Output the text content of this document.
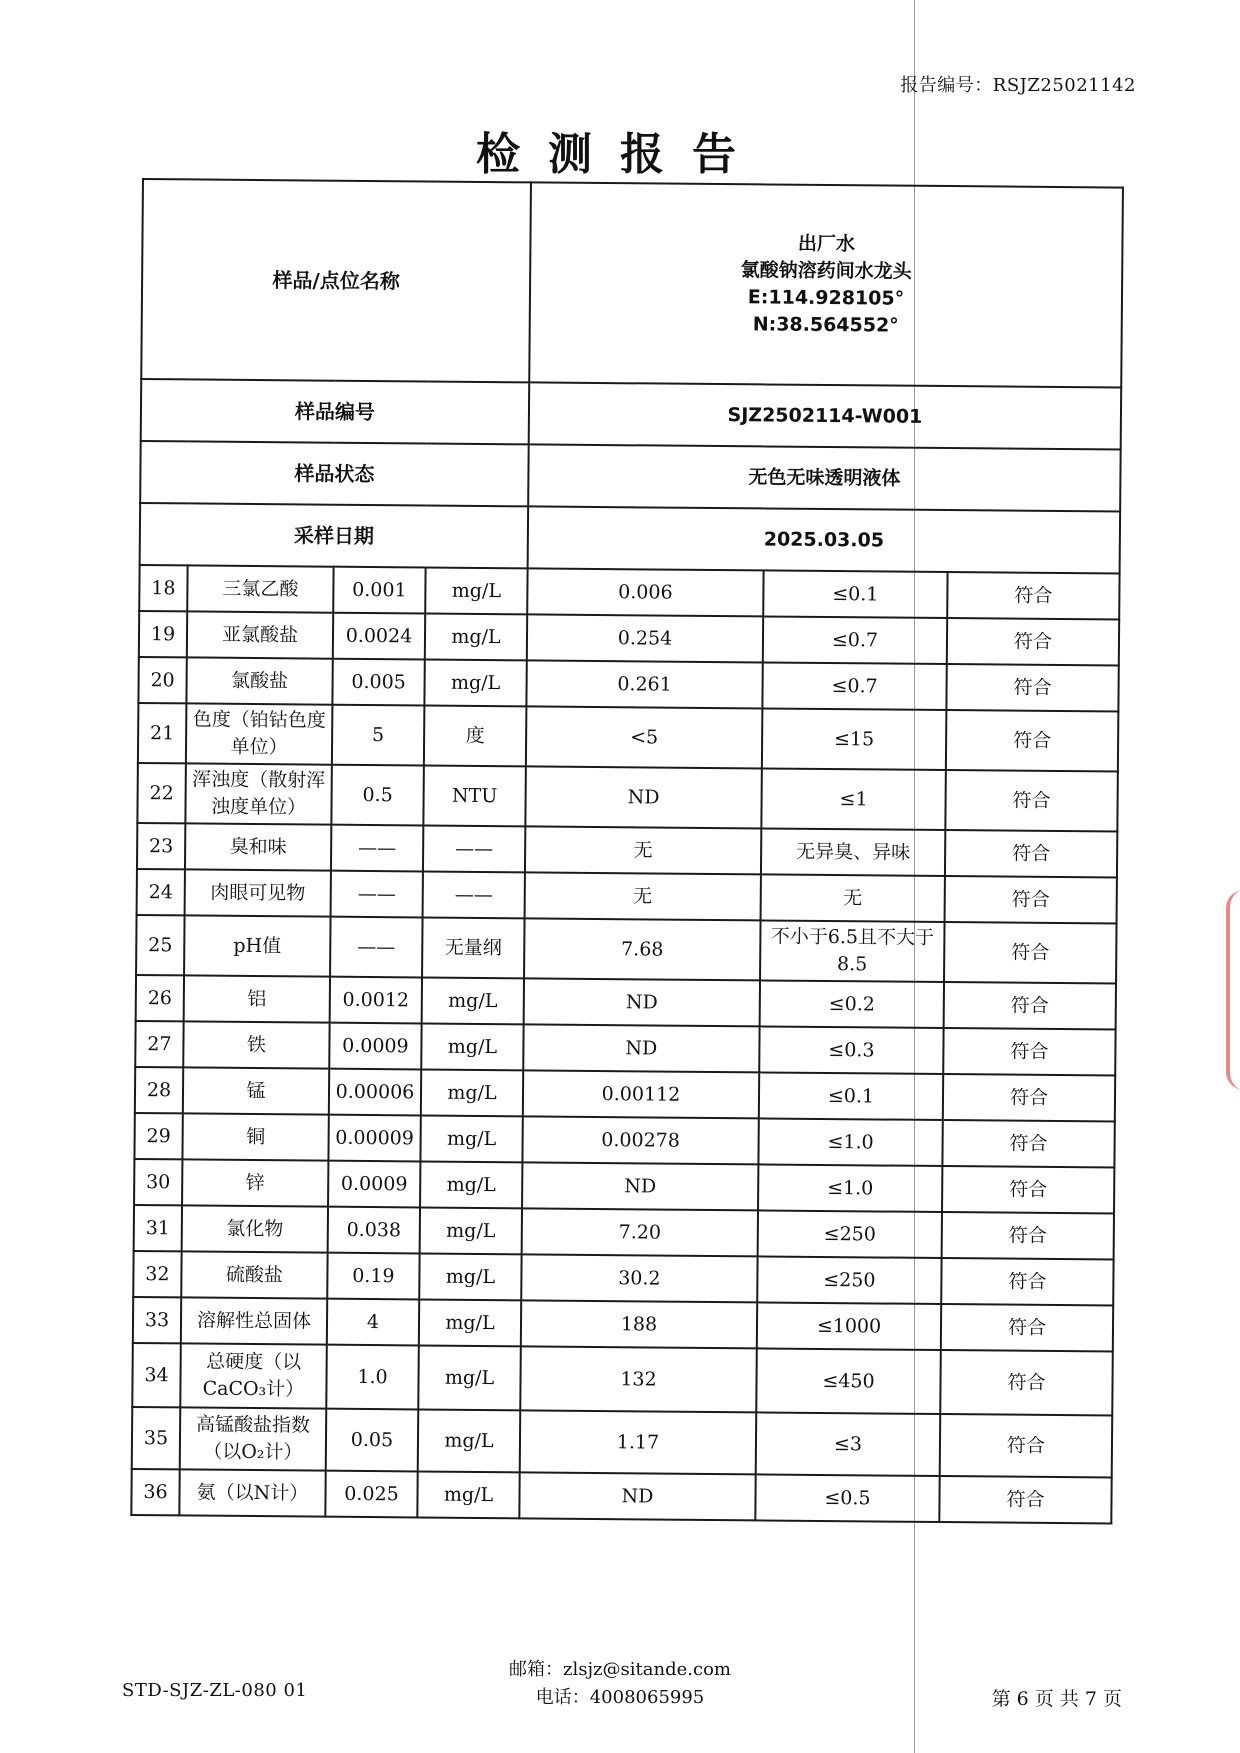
报告编号：RSJZ25021142
检测报告
样品/点位名称				出厂水
氯酸钠溶药间水龙头
E:114.928105°
N:38.564552°		

样品编号				SJZ2502114-W001		
样品状态				无色无味透明液体		
采样日期				2025.03.05		
18	三氯乙酸	0.001	mg/L	0.006	≤0.1	符合
19	亚氯酸盐	0.0024	mg/L	0.254	≤0.7	符合
20	氯酸盐	0.005	mg/L	0.261	≤0.7	符合
21	色度（铂钴色度单位）	5	度	<5	≤15	符合
22	浑浊度（散射浑浊度单位）	0.5	NTU	ND	≤1	符合
23	臭和味	——	——	无	无异臭、异味	符合
24	肉眼可见物	——	——	无	无	符合
25	pH值	——	无量纲	7.68	不小于6.5且不大于8.5	符合
26	铝	0.0012	mg/L	ND	≤0.2	符合
27	铁	0.0009	mg/L	ND	≤0.3	符合
28	锰	0.00006	mg/L	0.00112	≤0.1	符合
29	铜	0.00009	mg/L	0.00278	≤1.0	符合
30	锌	0.0009	mg/L	ND	≤1.0	符合
31	氯化物	0.038	mg/L	7.20	≤250	符合
32	硫酸盐	0.19	mg/L	30.2	≤250	符合
33	溶解性总固体	4	mg/L	188	≤1000	符合
34	总硬度（以CaCO₃计）	1.0	mg/L	132	≤450	符合
35	高锰酸盐指数（以O₂计）	0.05	mg/L	1.17	≤3	符合
36	氨（以N计）	0.025	mg/L	ND	≤0.5	符合
STD-SJZ-ZL-080 01
邮箱：zlsjz@sitande.com
电话：4008065995	第 6 页 共 7 页
